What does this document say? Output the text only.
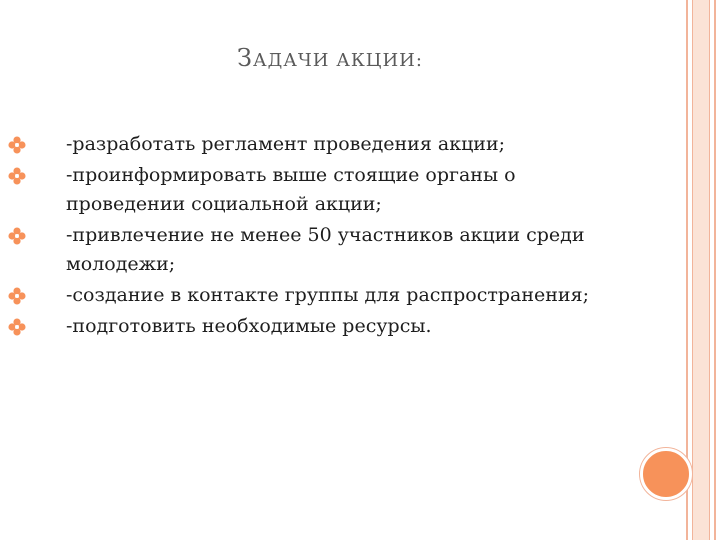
ЗАДАЧИ АКЦИИ:
-разработать регламент проведения акции;
-проинформировать выше стоящие органы о проведении социальной акции;
-привлечение не менее 50 участников акции среди молодежи;
-создание в контакте группы для распространения;
-подготовить необходимые ресурсы.
